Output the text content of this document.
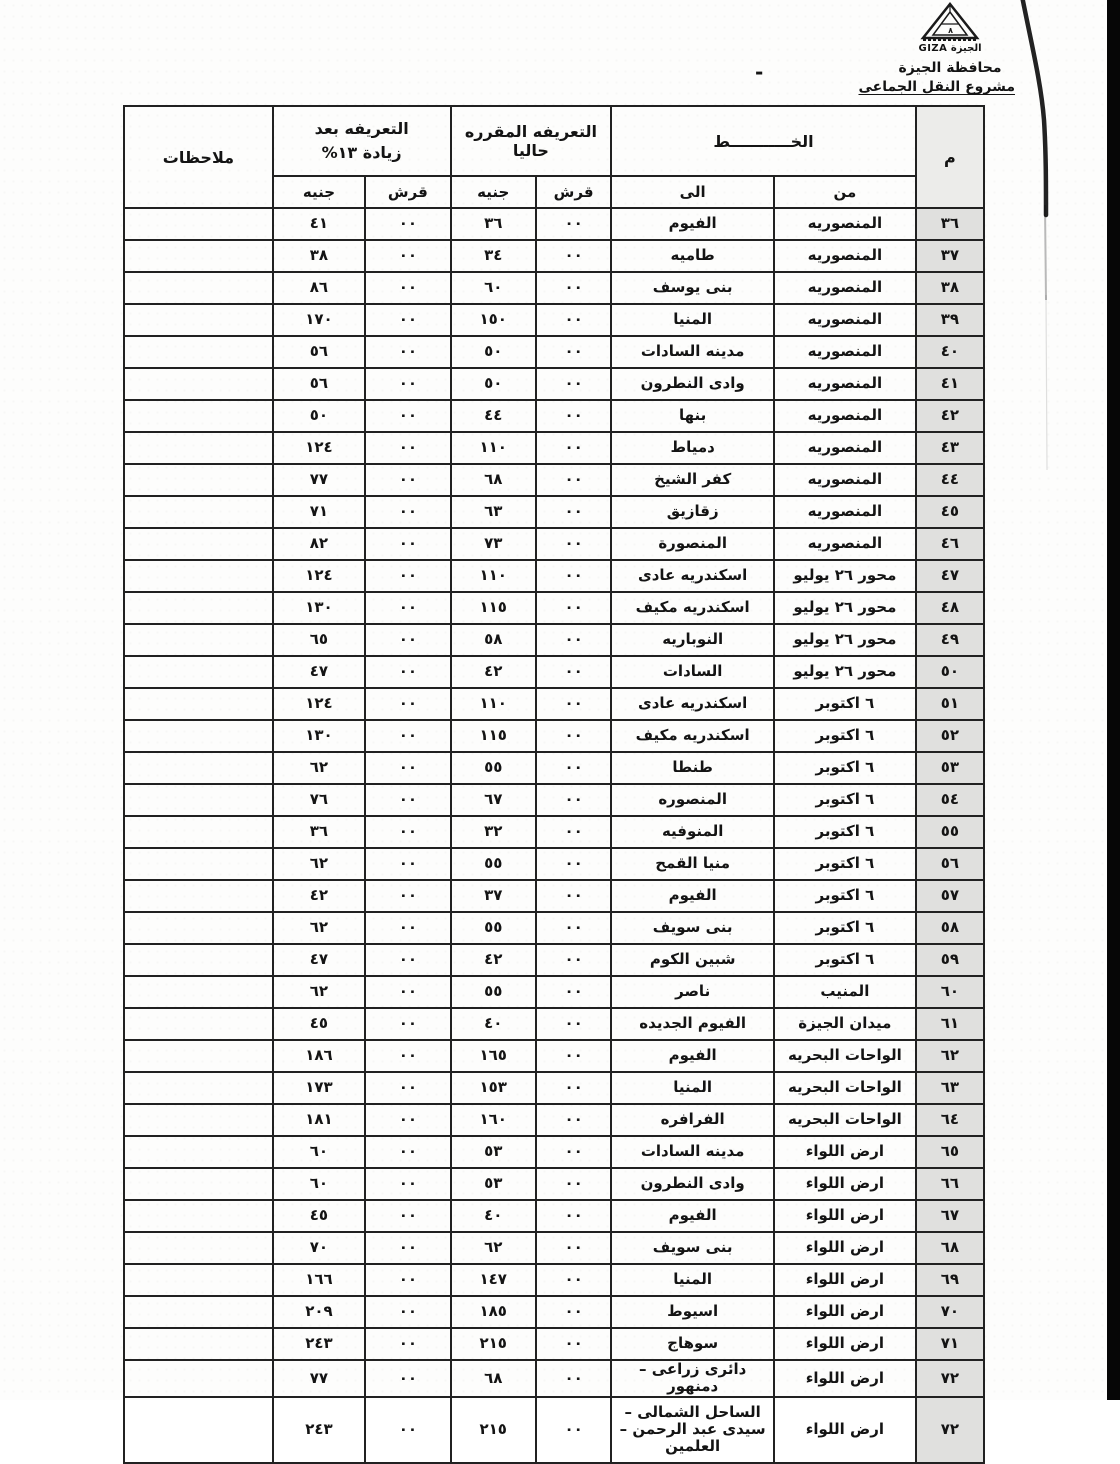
٨
الجيزة GIZA
محافظة الجيزة
مشروع النقل الجماعى
-
م	الخـــــــــــط		التعريفه المقرره حاليا		التعريفه بعد
زيادة ١٣%		ملاحظات
	من	الى	قرش	جنيه	قرش	جنيه	
٣٦	المنصوريه	الفيوم	٠٠	٣٦	٠٠	٤١	
٣٧	المنصوريه	طاميه	٠٠	٣٤	٠٠	٣٨	
٣٨	المنصوريه	بنى يوسف	٠٠	٦٠	٠٠	٨٦	
٣٩	المنصوريه	المنيا	٠٠	١٥٠	٠٠	١٧٠	
٤٠	المنصوريه	مدينه السادات	٠٠	٥٠	٠٠	٥٦	
٤١	المنصوريه	وادى النطرون	٠٠	٥٠	٠٠	٥٦	
٤٢	المنصوريه	بنها	٠٠	٤٤	٠٠	٥٠	
٤٣	المنصوريه	دمياط	٠٠	١١٠	٠٠	١٢٤	
٤٤	المنصوريه	كفر الشيخ	٠٠	٦٨	٠٠	٧٧	
٤٥	المنصوريه	زقازيق	٠٠	٦٣	٠٠	٧١	
٤٦	المنصوريه	المنصورة	٠٠	٧٣	٠٠	٨٢	
٤٧	محور ٢٦ يوليو	اسكندريه عادى	٠٠	١١٠	٠٠	١٢٤	
٤٨	محور ٢٦ يوليو	اسكندريه مكيف	٠٠	١١٥	٠٠	١٣٠	
٤٩	محور ٢٦ يوليو	النوباريه	٠٠	٥٨	٠٠	٦٥	
٥٠	محور ٢٦ يوليو	السادات	٠٠	٤٢	٠٠	٤٧	
٥١	٦ اكتوبر	اسكندريه عادى	٠٠	١١٠	٠٠	١٢٤	
٥٢	٦ اكتوبر	اسكندريه مكيف	٠٠	١١٥	٠٠	١٣٠	
٥٣	٦ اكتوبر	طنطا	٠٠	٥٥	٠٠	٦٢	
٥٤	٦ اكتوبر	المنصوره	٠٠	٦٧	٠٠	٧٦	
٥٥	٦ اكتوبر	المنوفيه	٠٠	٣٢	٠٠	٣٦	
٥٦	٦ اكتوبر	منيا القمح	٠٠	٥٥	٠٠	٦٢	
٥٧	٦ اكتوبر	الفيوم	٠٠	٣٧	٠٠	٤٢	
٥٨	٦ اكتوبر	بنى سويف	٠٠	٥٥	٠٠	٦٢	
٥٩	٦ اكتوبر	شبين الكوم	٠٠	٤٢	٠٠	٤٧	
٦٠	المنيب	ناصر	٠٠	٥٥	٠٠	٦٢	
٦١	ميدان الجيزة	الفيوم الجديده	٠٠	٤٠	٠٠	٤٥	
٦٢	الواحات البحريه	الفيوم	٠٠	١٦٥	٠٠	١٨٦	
٦٣	الواحات البحريه	المنيا	٠٠	١٥٣	٠٠	١٧٣	
٦٤	الواحات البحريه	الفرافره	٠٠	١٦٠	٠٠	١٨١	
٦٥	ارض اللواء	مدينه السادات	٠٠	٥٣	٠٠	٦٠	
٦٦	ارض اللواء	وادى النطرون	٠٠	٥٣	٠٠	٦٠	
٦٧	ارض اللواء	الفيوم	٠٠	٤٠	٠٠	٤٥	
٦٨	ارض اللواء	بنى سويف	٠٠	٦٢	٠٠	٧٠	
٦٩	ارض اللواء	المنيا	٠٠	١٤٧	٠٠	١٦٦	
٧٠	ارض اللواء	اسيوط	٠٠	١٨٥	٠٠	٢٠٩	
٧١	ارض اللواء	سوهاج	٠٠	٢١٥	٠٠	٢٤٣	
٧٢	ارض اللواء	دائرى زراعى – دمنهور	٠٠	٦٨	٠٠	٧٧	
٧٢	ارض اللواء	الساحل الشمالى –سيدى عبد الرحمن – العلمين	٠٠	٢١٥	٠٠	٢٤٣	
